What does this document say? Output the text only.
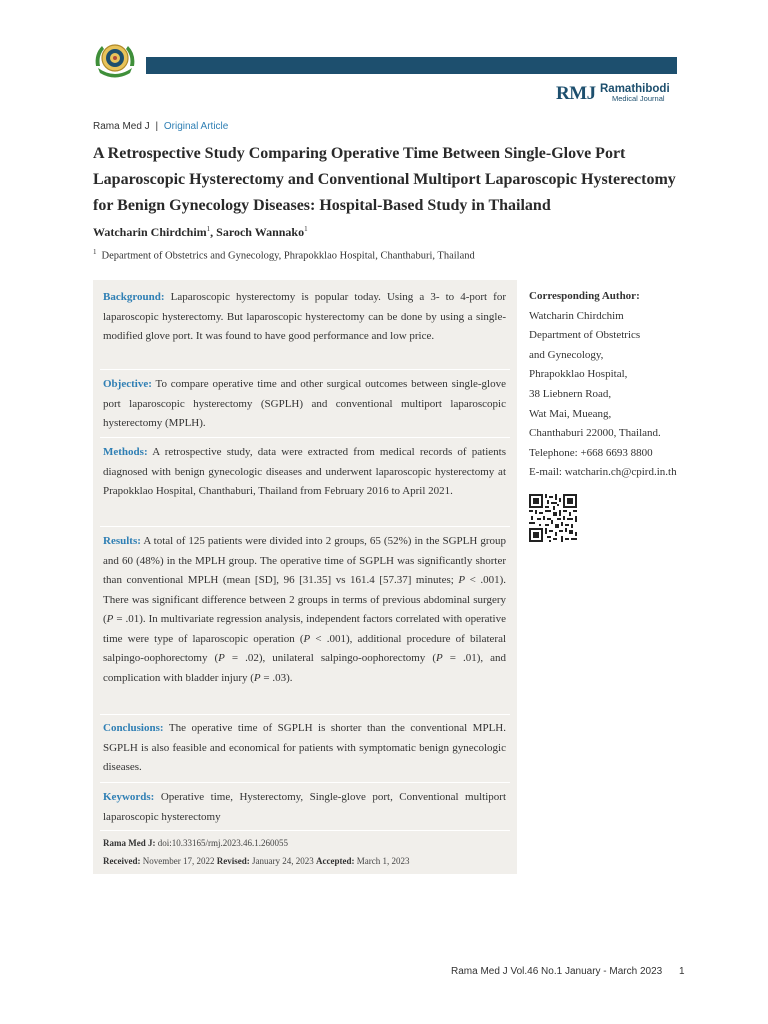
RMJ Ramathibodi
Medical Journal
Rama Med J | Original Article
A Retrospective Study Comparing Operative Time Between Single-Glove Port Laparoscopic Hysterectomy and Conventional Multiport Laparoscopic Hysterectomy for Benign Gynecology Diseases: Hospital-Based Study in Thailand
Watcharin Chirdchim$^1$, Saroch Wannako$^1$
$^1$ Department of Obstetrics and Gynecology, Phrapokklao Hospital, Chanthaburi, Thailand

Background: Laparoscopic hysterectomy is popular today. Using a 3- to 4-port for laparoscopic hysterectomy. But laparoscopic hysterectomy can be done by using a single-modified glove port. It was found to have good performance and low price.

Objective: To compare operative time and other surgical outcomes between single-glove port laparoscopic hysterectomy (SGPLH) and conventional multiport laparoscopic hysterectomy (MPLH).

Methods: A retrospective study, data were extracted from medical records of patients diagnosed with benign gynecologic diseases and underwent laparoscopic hysterectomy at Prapokklao Hospital, Chanthaburi, Thailand from February 2016 to April 2021.

Results: A total of 125 patients were divided into 2 groups, 65 (52%) in the SGPLH group and 60 (48%) in the MPLH group. The operative time of SGPLH was significantly shorter than conventional MPLH (mean [SD], 96 [31.35] vs 161.4 [57.37] minutes; P < .001). There was significant difference between 2 groups in terms of previous abdominal surgery (P = .01). In multivariate regression analysis, independent factors correlated with operative time were type of laparoscopic operation (P < .001), additional procedure of bilateral salpingo-oophorectomy (P = .02), unilateral salpingo-oophorectomy (P = .01), and complication with bladder injury (P = .03).

Conclusions: The operative time of SGPLH is shorter than the conventional MPLH. SGPLH is also feasible and economical for patients with symptomatic benign gynecologic diseases.

Keywords: Operative time, Hysterectomy, Single-glove port, Conventional multiport laparoscopic hysterectomy

Rama Med J: doi:10.33165/rmj.2023.46.1.260055
Received: November 17, 2022 Revised: January 24, 2023 Accepted: March 1, 2023
Corresponding Author:
Watcharin Chirdchim
Department of Obstetrics
and Gynecology,
Phrapokklao Hospital,
38 Liebnern Road,
Wat Mai, Mueang,
Chanthaburi 22000, Thailand.
Telephone: +668 6693 8800
E-mail: watcharin.ch@cpird.in.th
Rama Med J Vol.46 No.1 January - March 2023 1
